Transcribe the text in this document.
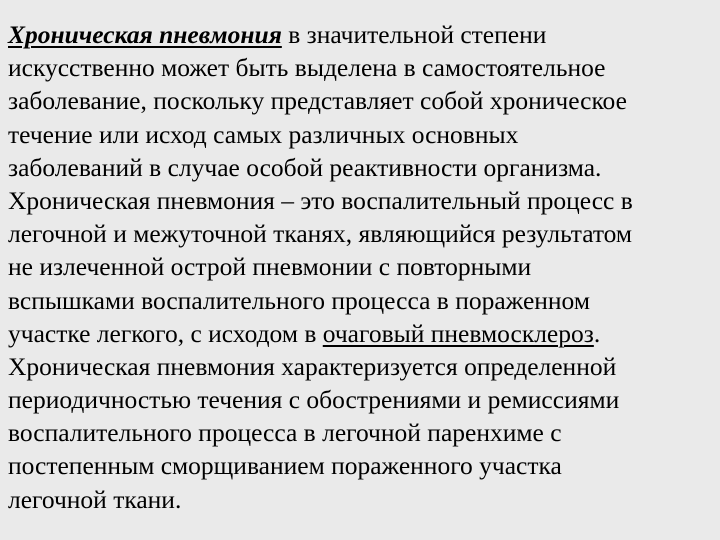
Хроническая пневмония в значительной степени
искусственно может быть выделена в самостоятельное
заболевание, поскольку представляет собой хроническое
течение или исход самых различных основных
заболеваний в случае особой реактивности организма.
Хроническая пневмония – это воспалительный процесс в
легочной и межуточной тканях, являющийся результатом
не излеченной острой пневмонии с повторными
вспышками воспалительного процесса в пораженном
участке легкого, с исходом в очаговый пневмосклероз.
Хроническая пневмония характеризуется определенной
периодичностью течения с обострениями и ремиссиями
воспалительного процесса в легочной паренхиме с
постепенным сморщиванием пораженного участка
легочной ткани.
